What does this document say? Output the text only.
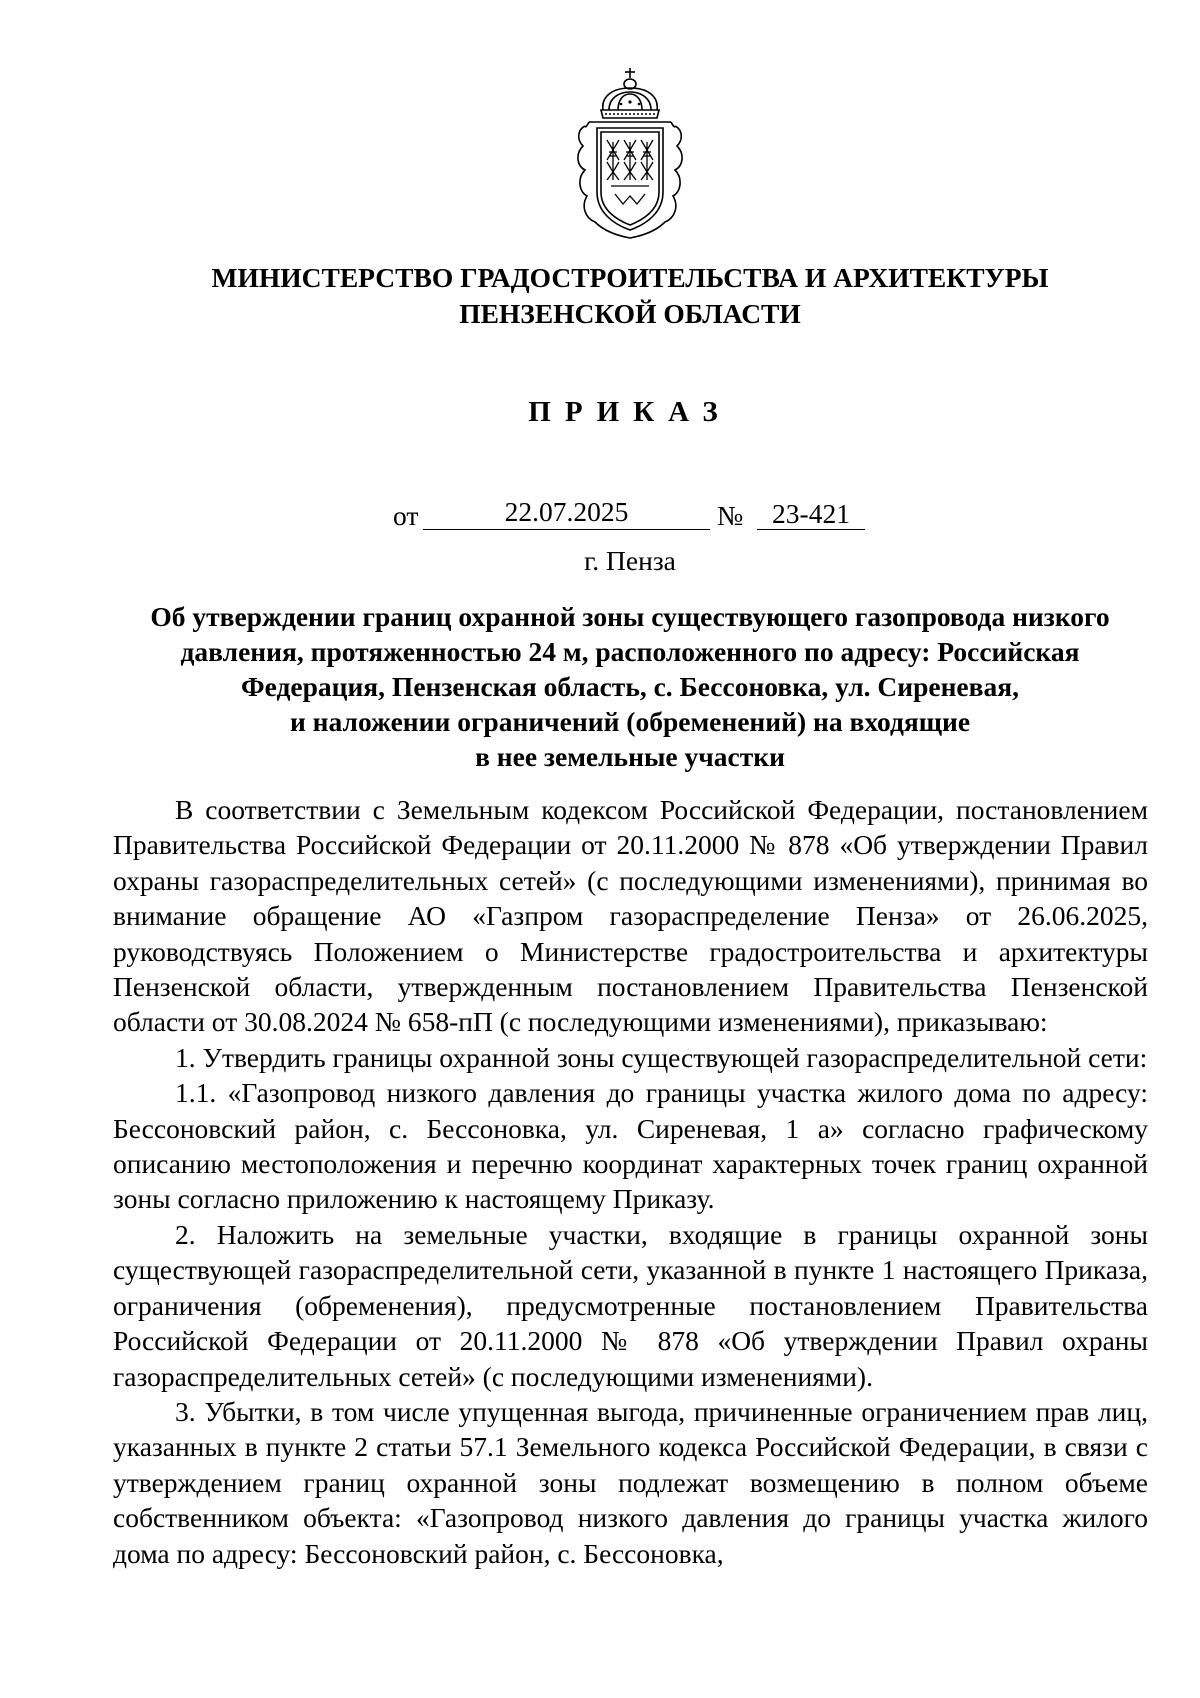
МИНИСТЕРСТВО ГРАДОСТРОИТЕЛЬСТВА И АРХИТЕКТУРЫ
ПЕНЗЕНСКОЙ ОБЛАСТИ
ПРИКАЗ
от	22.07.2025	№	23-421
г. Пенза
Об утверждении границ охранной зоны существующего газопровода низкого
давления, протяженностью 24 м, расположенного по адресу: Российская
Федерация, Пензенская область, с. Бессоновка, ул. Сиреневая,
и наложении ограничений (обременений) на входящие
в нее земельные участки

В соответствии с Земельным кодексом Российской Федерации, постановлением Правительства Российской Федерации от 20.11.2000 № 878 «Об утверждении Правил охраны газораспределительных сетей» (с последующими изменениями), принимая во внимание обращение АО «Газпром газораспределение Пенза» от 26.06.2025, руководствуясь Положением о Министерстве градостроительства и архитектуры Пензенской области, утвержденным постановлением Правительства Пензенской области от 30.08.2024 № 658-пП (с последующими изменениями), приказываю:

1. Утвердить границы охранной зоны существующей газораспределительной сети:

1.1. «Газопровод низкого давления до границы участка жилого дома по адресу: Бессоновский район, с. Бессоновка, ул. Сиреневая, 1 а» согласно графическому описанию местоположения и перечню координат характерных точек границ охранной зоны согласно приложению к настоящему Приказу.

2. Наложить на земельные участки, входящие в границы охранной зоны существующей газораспределительной сети, указанной в пункте 1 настоящего Приказа, ограничения (обременения), предусмотренные постановлением Правительства Российской Федерации от 20.11.2000 № 878 «Об утверждении Правил охраны газораспределительных сетей» (с последующими изменениями).

3. Убытки, в том числе упущенная выгода, причиненные ограничением прав лиц, указанных в пункте 2 статьи 57.1 Земельного кодекса Российской Федерации, в связи с утверждением границ охранной зоны подлежат возмещению в полном объеме собственником объекта: «Газопровод низкого давления до границы участка жилого дома по адресу: Бессоновский район, с. Бессоновка,
